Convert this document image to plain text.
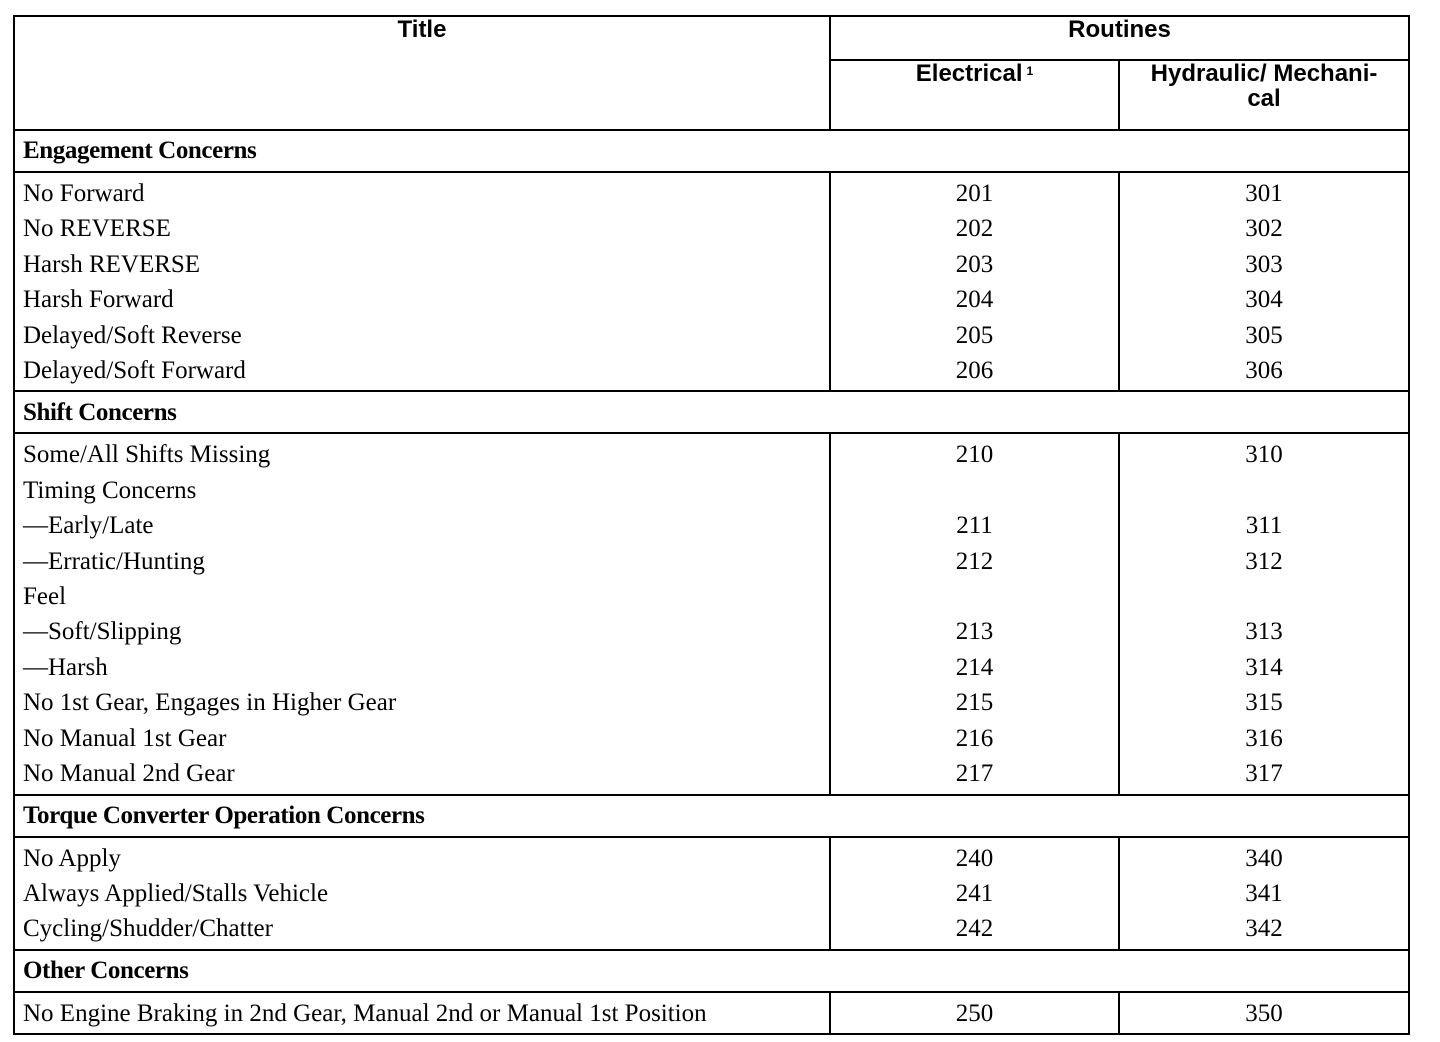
Title	Routines	
	Electrical $^1$	Hydraulic/ Mechani-
cal
Engagement Concerns		
No Forward	201	301
No REVERSE	202	302
Harsh REVERSE	203	303
Harsh Forward	204	304
Delayed/Soft Reverse	205	305
Delayed/Soft Forward	206	306
Shift Concerns		
Some/All Shifts Missing	210	310
Timing Concerns		
—Early/Late	211	311
—Erratic/Hunting	212	312
Feel		
—Soft/Slipping	213	313
—Harsh	214	314
No 1st Gear, Engages in Higher Gear	215	315
No Manual 1st Gear	216	316
No Manual 2nd Gear	217	317
Torque Converter Operation Concerns		
No Apply	240	340
Always Applied/Stalls Vehicle	241	341
Cycling/Shudder/Chatter	242	342
Other Concerns		
No Engine Braking in 2nd Gear, Manual 2nd or Manual 1st Position	250	350
